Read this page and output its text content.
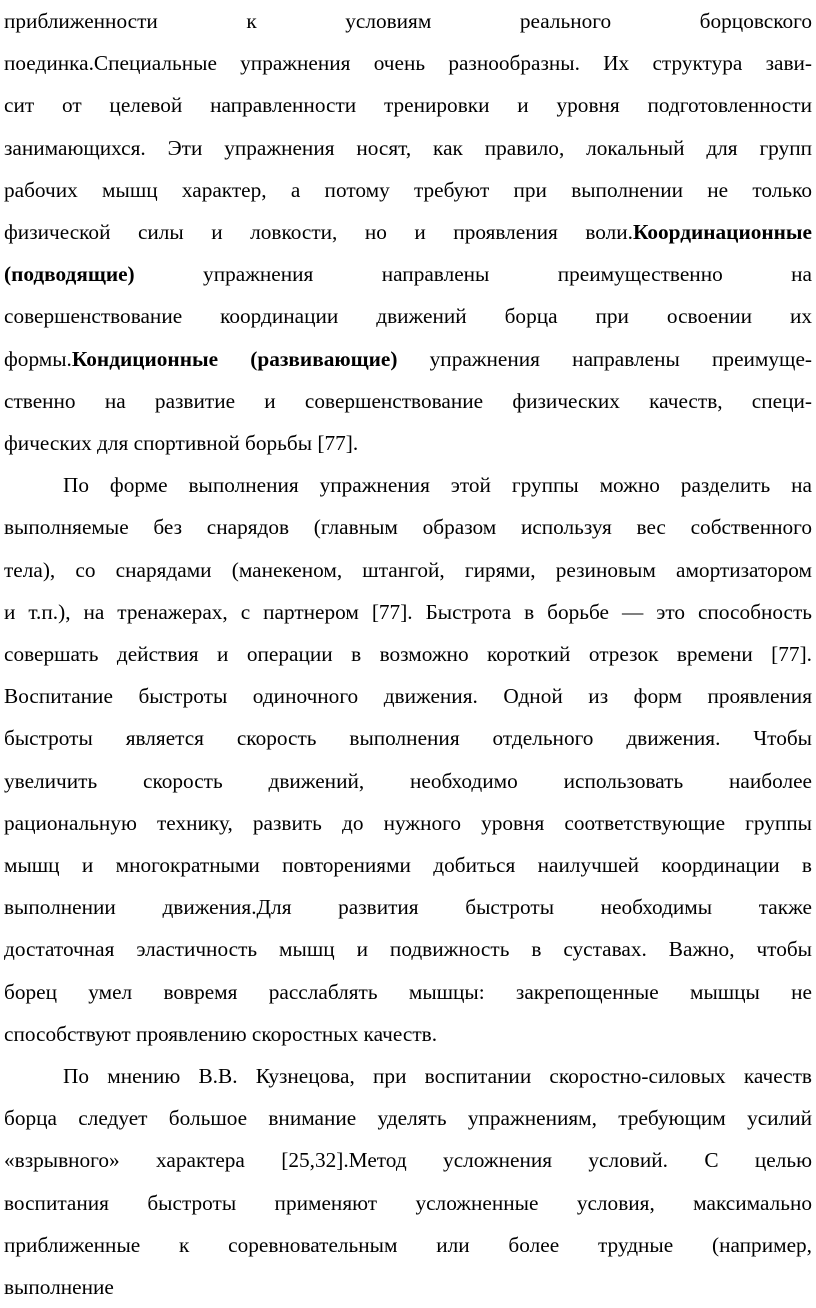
приближенности к условиям реального борцовского
поединка.Специальные упражнения очень разнообразны. Их структура зави-
сит от целевой направленности тренировки и уровня подготовленности
занимающихся. Эти упражнения носят, как правило, локальный для групп
рабочих мышц характер, а потому требуют при выполнении не только
физической силы и ловкости, но и проявления воли.Координационные
(подводящие) упражнения направлены преимущественно на
совершенствование координации движений борца при освоении их
формы.Кондиционные (развивающие) упражнения направлены преимуще-
ственно на развитие и совершенствование физических качеств, специ-
фических для спортивной борьбы [77].
По форме выполнения упражнения этой группы можно разделить на
выполняемые без снарядов (главным образом используя вес собственного
тела), со снарядами (манекеном, штангой, гирями, резиновым амортизатором
и т.п.), на тренажерах, с партнером [77]. Быстрота в борьбе — это способность
совершать действия и операции в возможно короткий отрезок времени [77].
Воспитание быстроты одиночного движения. Одной из форм проявления
быстроты является скорость выполнения отдельного движения. Чтобы
увеличить скорость движений, необходимо использовать наиболее
рациональную технику, развить до нужного уровня соответствующие группы
мышц и многократными повторениями добиться наилучшей координации в
выполнении движения.Для развития быстроты необходимы также
достаточная эластичность мышц и подвижность в суставах. Важно, чтобы
борец умел вовремя расслаблять мышцы: закрепощенные мышцы не
способствуют проявлению скоростных качеств.
По мнению В.В. Кузнецова, при воспитании скоростно-силовых качеств
борца следует большое внимание уделять упражнениям, требующим усилий
«взрывного» характера [25,32].Метод усложнения условий. С целью
воспитания быстроты применяют усложненные условия, максимально
приближенные к соревновательным или более трудные (например,
выполнение
